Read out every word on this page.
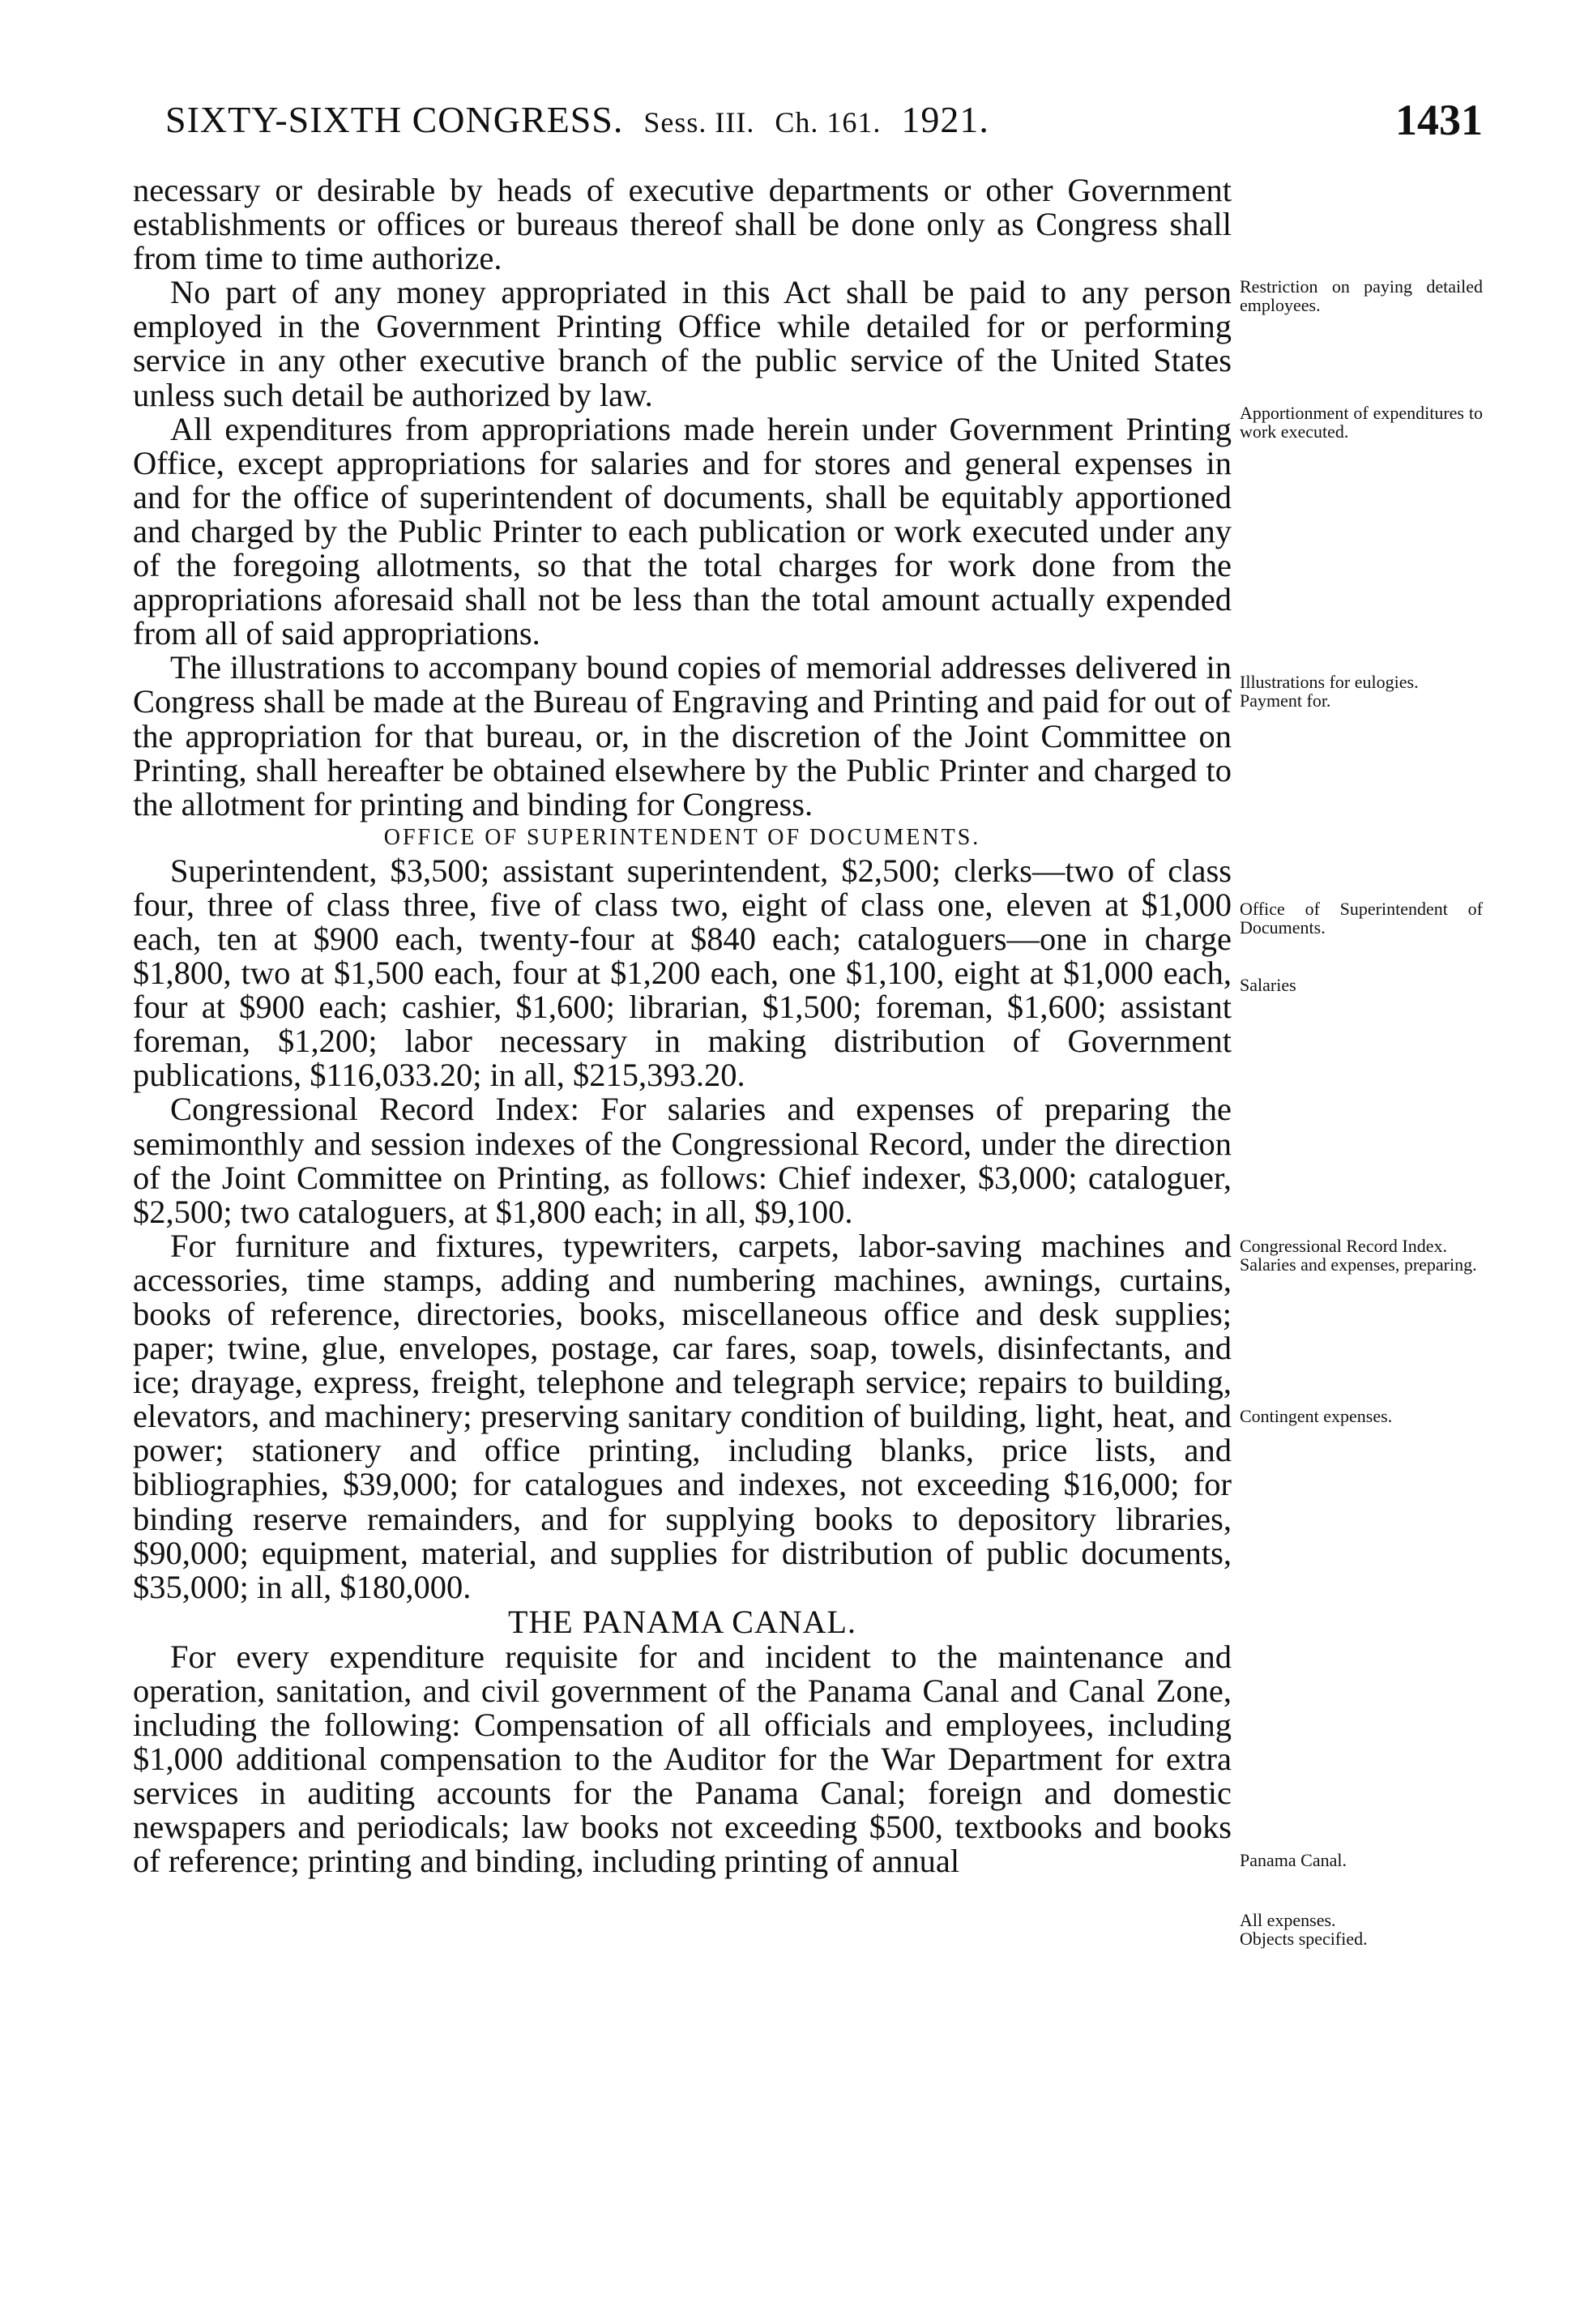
SIXTY-SIXTH CONGRESS. Sess. III. Ch. 161. 1921.	1431

necessary or desirable by heads of executive departments or other Government establishments or offices or bureaus thereof shall be done only as Congress shall from time to time authorize.

No part of any money appropriated in this Act shall be paid to any person employed in the Government Printing Office while detailed for or performing service in any other executive branch of the public service of the United States unless such detail be authorized by law.

All expenditures from appropriations made herein under Government Printing Office, except appropriations for salaries and for stores and general expenses in and for the office of superintendent of documents, shall be equitably apportioned and charged by the Public Printer to each publication or work executed under any of the foregoing allotments, so that the total charges for work done from the appropriations aforesaid shall not be less than the total amount actually expended from all of said appropriations.

The illustrations to accompany bound copies of memorial addresses delivered in Congress shall be made at the Bureau of Engraving and Printing and paid for out of the appropriation for that bureau, or, in the discretion of the Joint Committee on Printing, shall hereafter be obtained elsewhere by the Public Printer and charged to the allotment for printing and binding for Congress.

OFFICE OF SUPERINTENDENT OF DOCUMENTS.

Superintendent, $3,500; assistant superintendent, $2,500; clerks—two of class four, three of class three, five of class two, eight of class one, eleven at $1,000 each, ten at $900 each, twenty-four at $840 each; cataloguers—one in charge $1,800, two at $1,500 each, four at $1,200 each, one $1,100, eight at $1,000 each, four at $900 each; cashier, $1,600; librarian, $1,500; foreman, $1,600; assistant foreman, $1,200; labor necessary in making distribution of Government publications, $116,033.20; in all, $215,393.20.

Congressional Record Index: For salaries and expenses of preparing the semimonthly and session indexes of the Congressional Record, under the direction of the Joint Committee on Printing, as follows: Chief indexer, $3,000; cataloguer, $2,500; two cataloguers, at $1,800 each; in all, $9,100.

For furniture and fixtures, typewriters, carpets, labor-saving machines and accessories, time stamps, adding and numbering machines, awnings, curtains, books of reference, directories, books, miscellaneous office and desk supplies; paper; twine, glue, envelopes, postage, car fares, soap, towels, disinfectants, and ice; drayage, express, freight, telephone and telegraph service; repairs to building, elevators, and machinery; preserving sanitary condition of building, light, heat, and power; stationery and office printing, including blanks, price lists, and bibliographies, $39,000; for catalogues and indexes, not exceeding $16,000; for binding reserve remainders, and for supplying books to depository libraries, $90,000; equipment, material, and supplies for distribution of public documents, $35,000; in all, $180,000.

THE PANAMA CANAL.

For every expenditure requisite for and incident to the maintenance and operation, sanitation, and civil government of the Panama Canal and Canal Zone, including the following: Compensation of all officials and employees, including $1,000 additional compensation to the Auditor for the War Department for extra services in auditing accounts for the Panama Canal; foreign and domestic newspapers and periodicals; law books not exceeding $500, textbooks and books of reference; printing and binding, including printing of annual

Restriction on paying detailed employees.
Apportionment of expenditures to work executed.
Illustrations for eulogies.
Payment for.
Office of Superintendent of Documents.
Salaries
Congressional Record Index.
Salaries and expenses, preparing.
Contingent expenses.
Panama Canal.
All expenses.
Objects specified.
